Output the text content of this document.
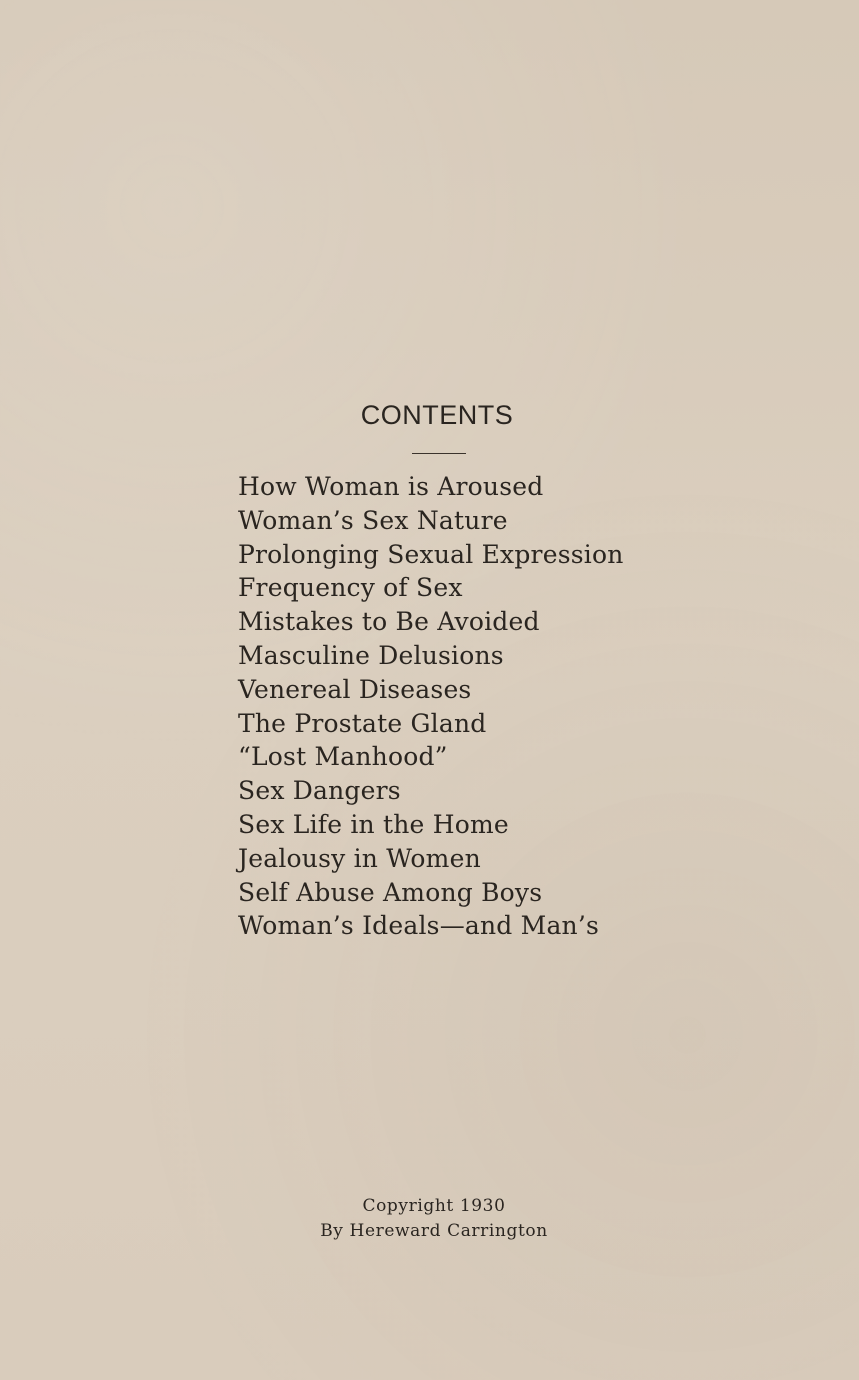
CONTENTS
How Woman is Aroused
Woman’s Sex Nature
Prolonging Sexual Expression
Frequency of Sex
Mistakes to Be Avoided
Masculine Delusions
Venereal Diseases
The Prostate Gland
“Lost Manhood”
Sex Dangers
Sex Life in the Home
Jealousy in Women
Self Abuse Among Boys
Woman’s Ideals—and Man’s
Copyright 1930
By Hereward Carrington
